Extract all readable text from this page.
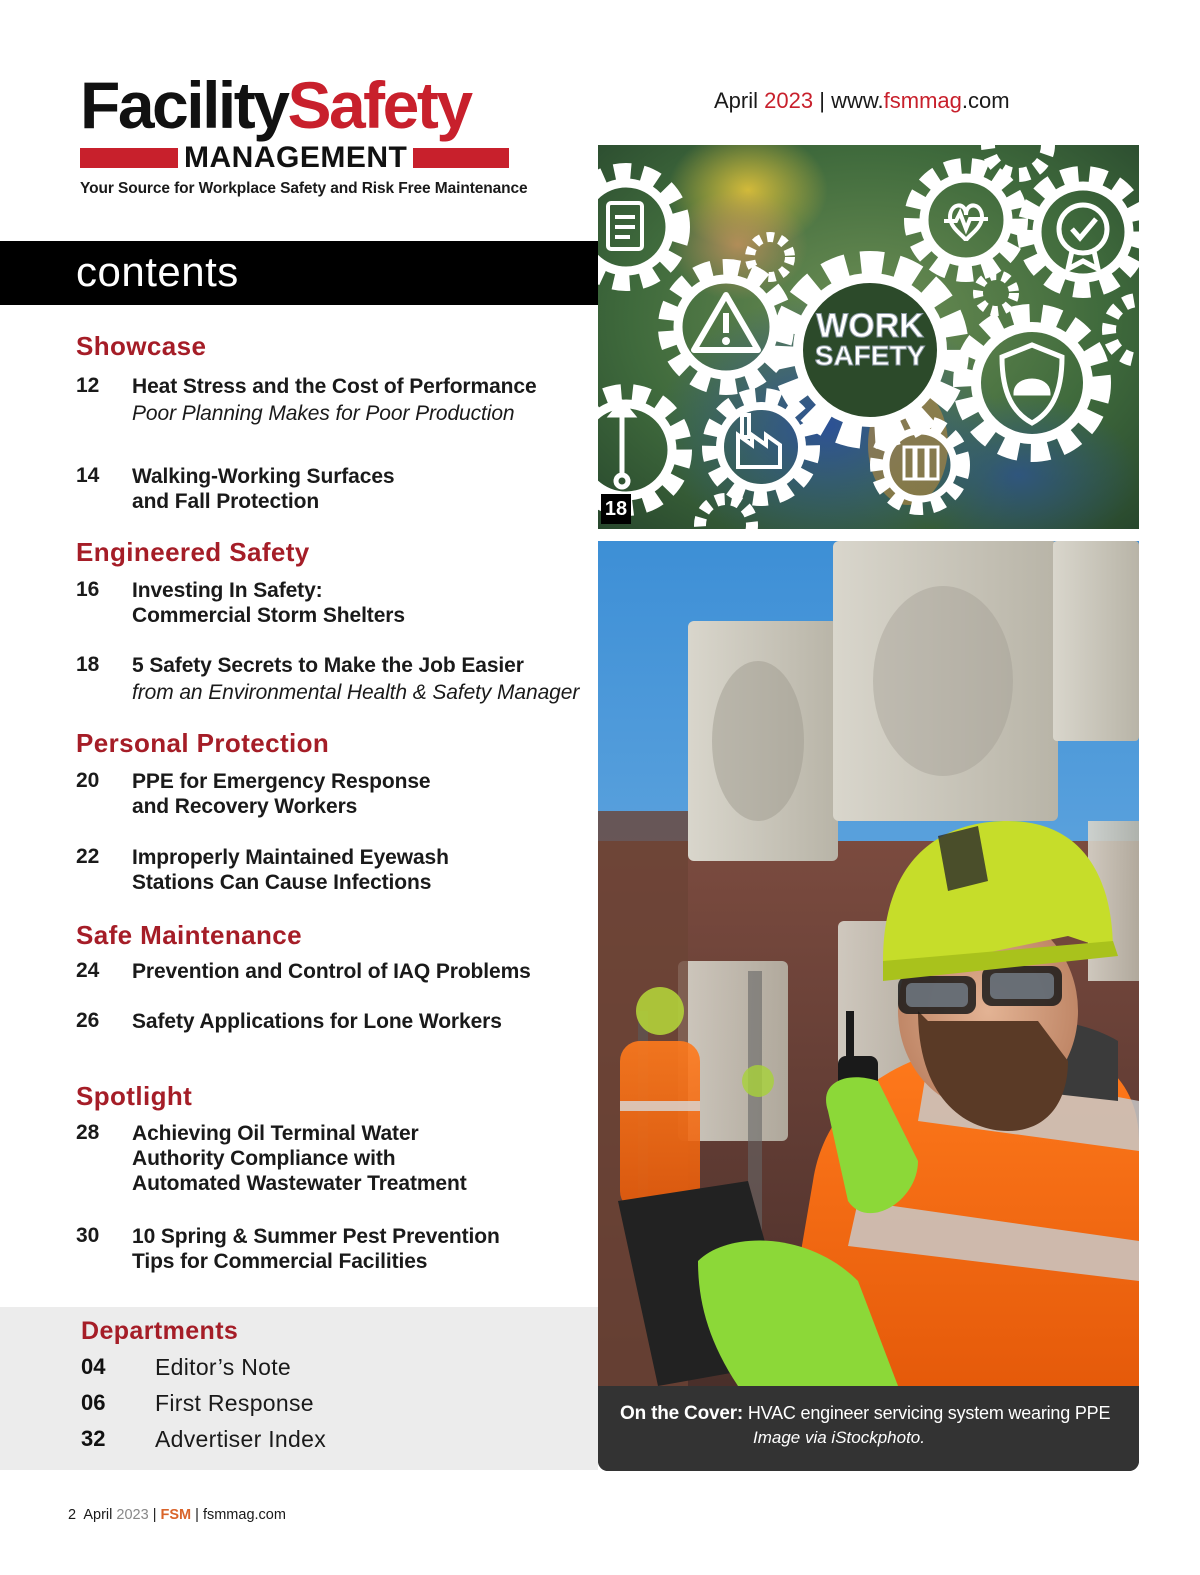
FacilitySafety
MANAGEMENT
Your Source for Workplace Safety and Risk Free Maintenance
April 2023 | www.fsmmag.com
contents
Showcase
12 Heat Stress and the Cost of Performance
Poor Planning Makes for Poor Production
14 Walking-Working Surfaces
and Fall Protection
Engineered Safety
16 Investing In Safety:
Commercial Storm Shelters
18 5 Safety Secrets to Make the Job Easier
from an Environmental Health & Safety Manager
Personal Protection
20 PPE for Emergency Response
and Recovery Workers
22 Improperly Maintained Eyewash
Stations Can Cause Infections
Safe Maintenance
24 Prevention and Control of IAQ Problems
26 Safety Applications for Lone Workers
Spotlight
28 Achieving Oil Terminal Water
Authority Compliance with
Automated Wastewater Treatment
30 10 Spring & Summer Pest Prevention
Tips for Commercial Facilities
Departments
04 Editor’s Note
06 First Response
32 Advertiser Index
2 April 2023 | FSM | fsmmag.com
WORK
SAFETY
18
On the Cover: HVAC engineer servicing system wearing PPE
Image via iStockphoto.
